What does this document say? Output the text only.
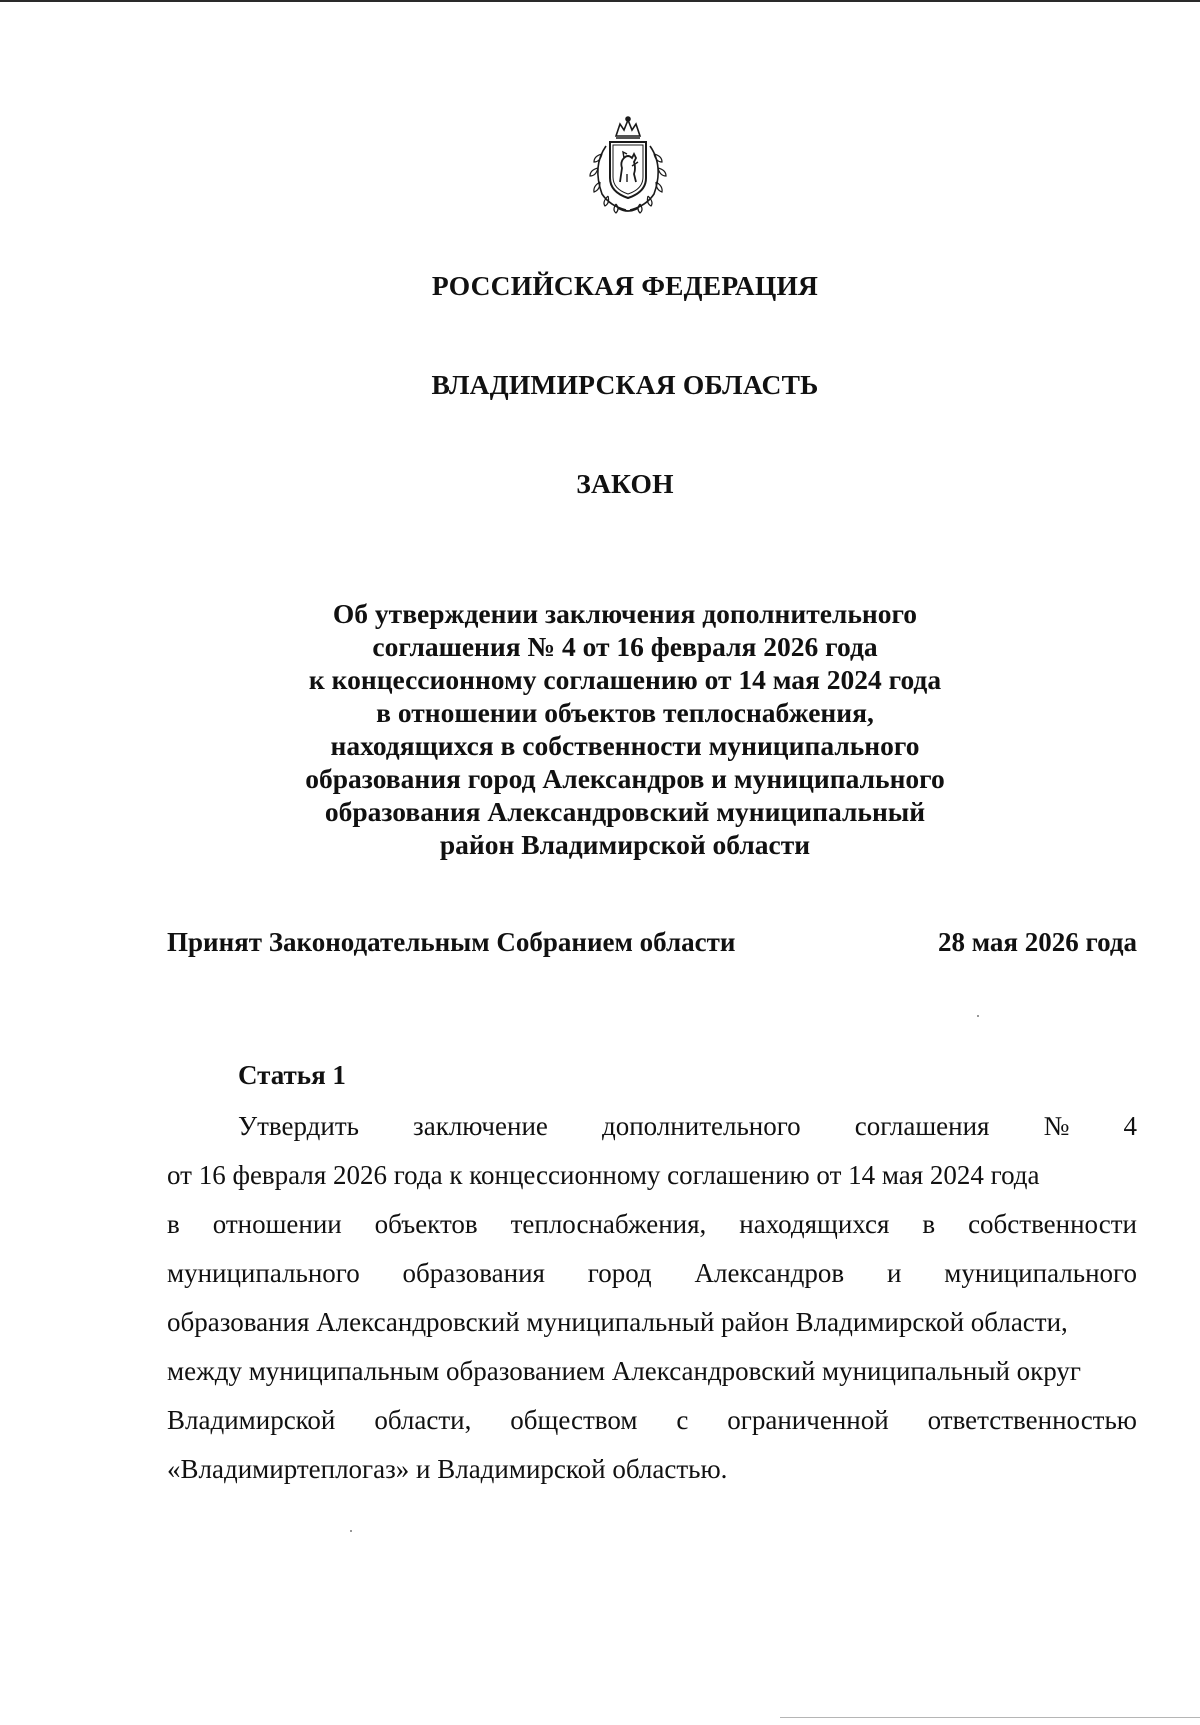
РОССИЙСКАЯ ФЕДЕРАЦИЯ
ВЛАДИМИРСКАЯ ОБЛАСТЬ
ЗАКОН
Об утверждении заключения дополнительного
соглашения № 4 от 16 февраля 2026 года
к концессионному соглашению от 14 мая 2024 года
в отношении объектов теплоснабжения,
находящихся в собственности муниципального
образования город Александров и муниципального
образования Александровский муниципальный
район Владимирской области
Принят Законодательным Собранием области	28 мая 2026 года
Статья 1
Утвердить заключение дополнительного соглашения № 4
от 16 февраля 2026 года к концессионному соглашению от 14 мая 2024 года
в отношении объектов теплоснабжения, находящихся в собственности
муниципального образования город Александров и муниципального
образования Александровский муниципальный район Владимирской области,
между муниципальным образованием Александровский муниципальный округ
Владимирской области, обществом с ограниченной ответственностью
«Владимиртеплогаз» и Владимирской областью.
